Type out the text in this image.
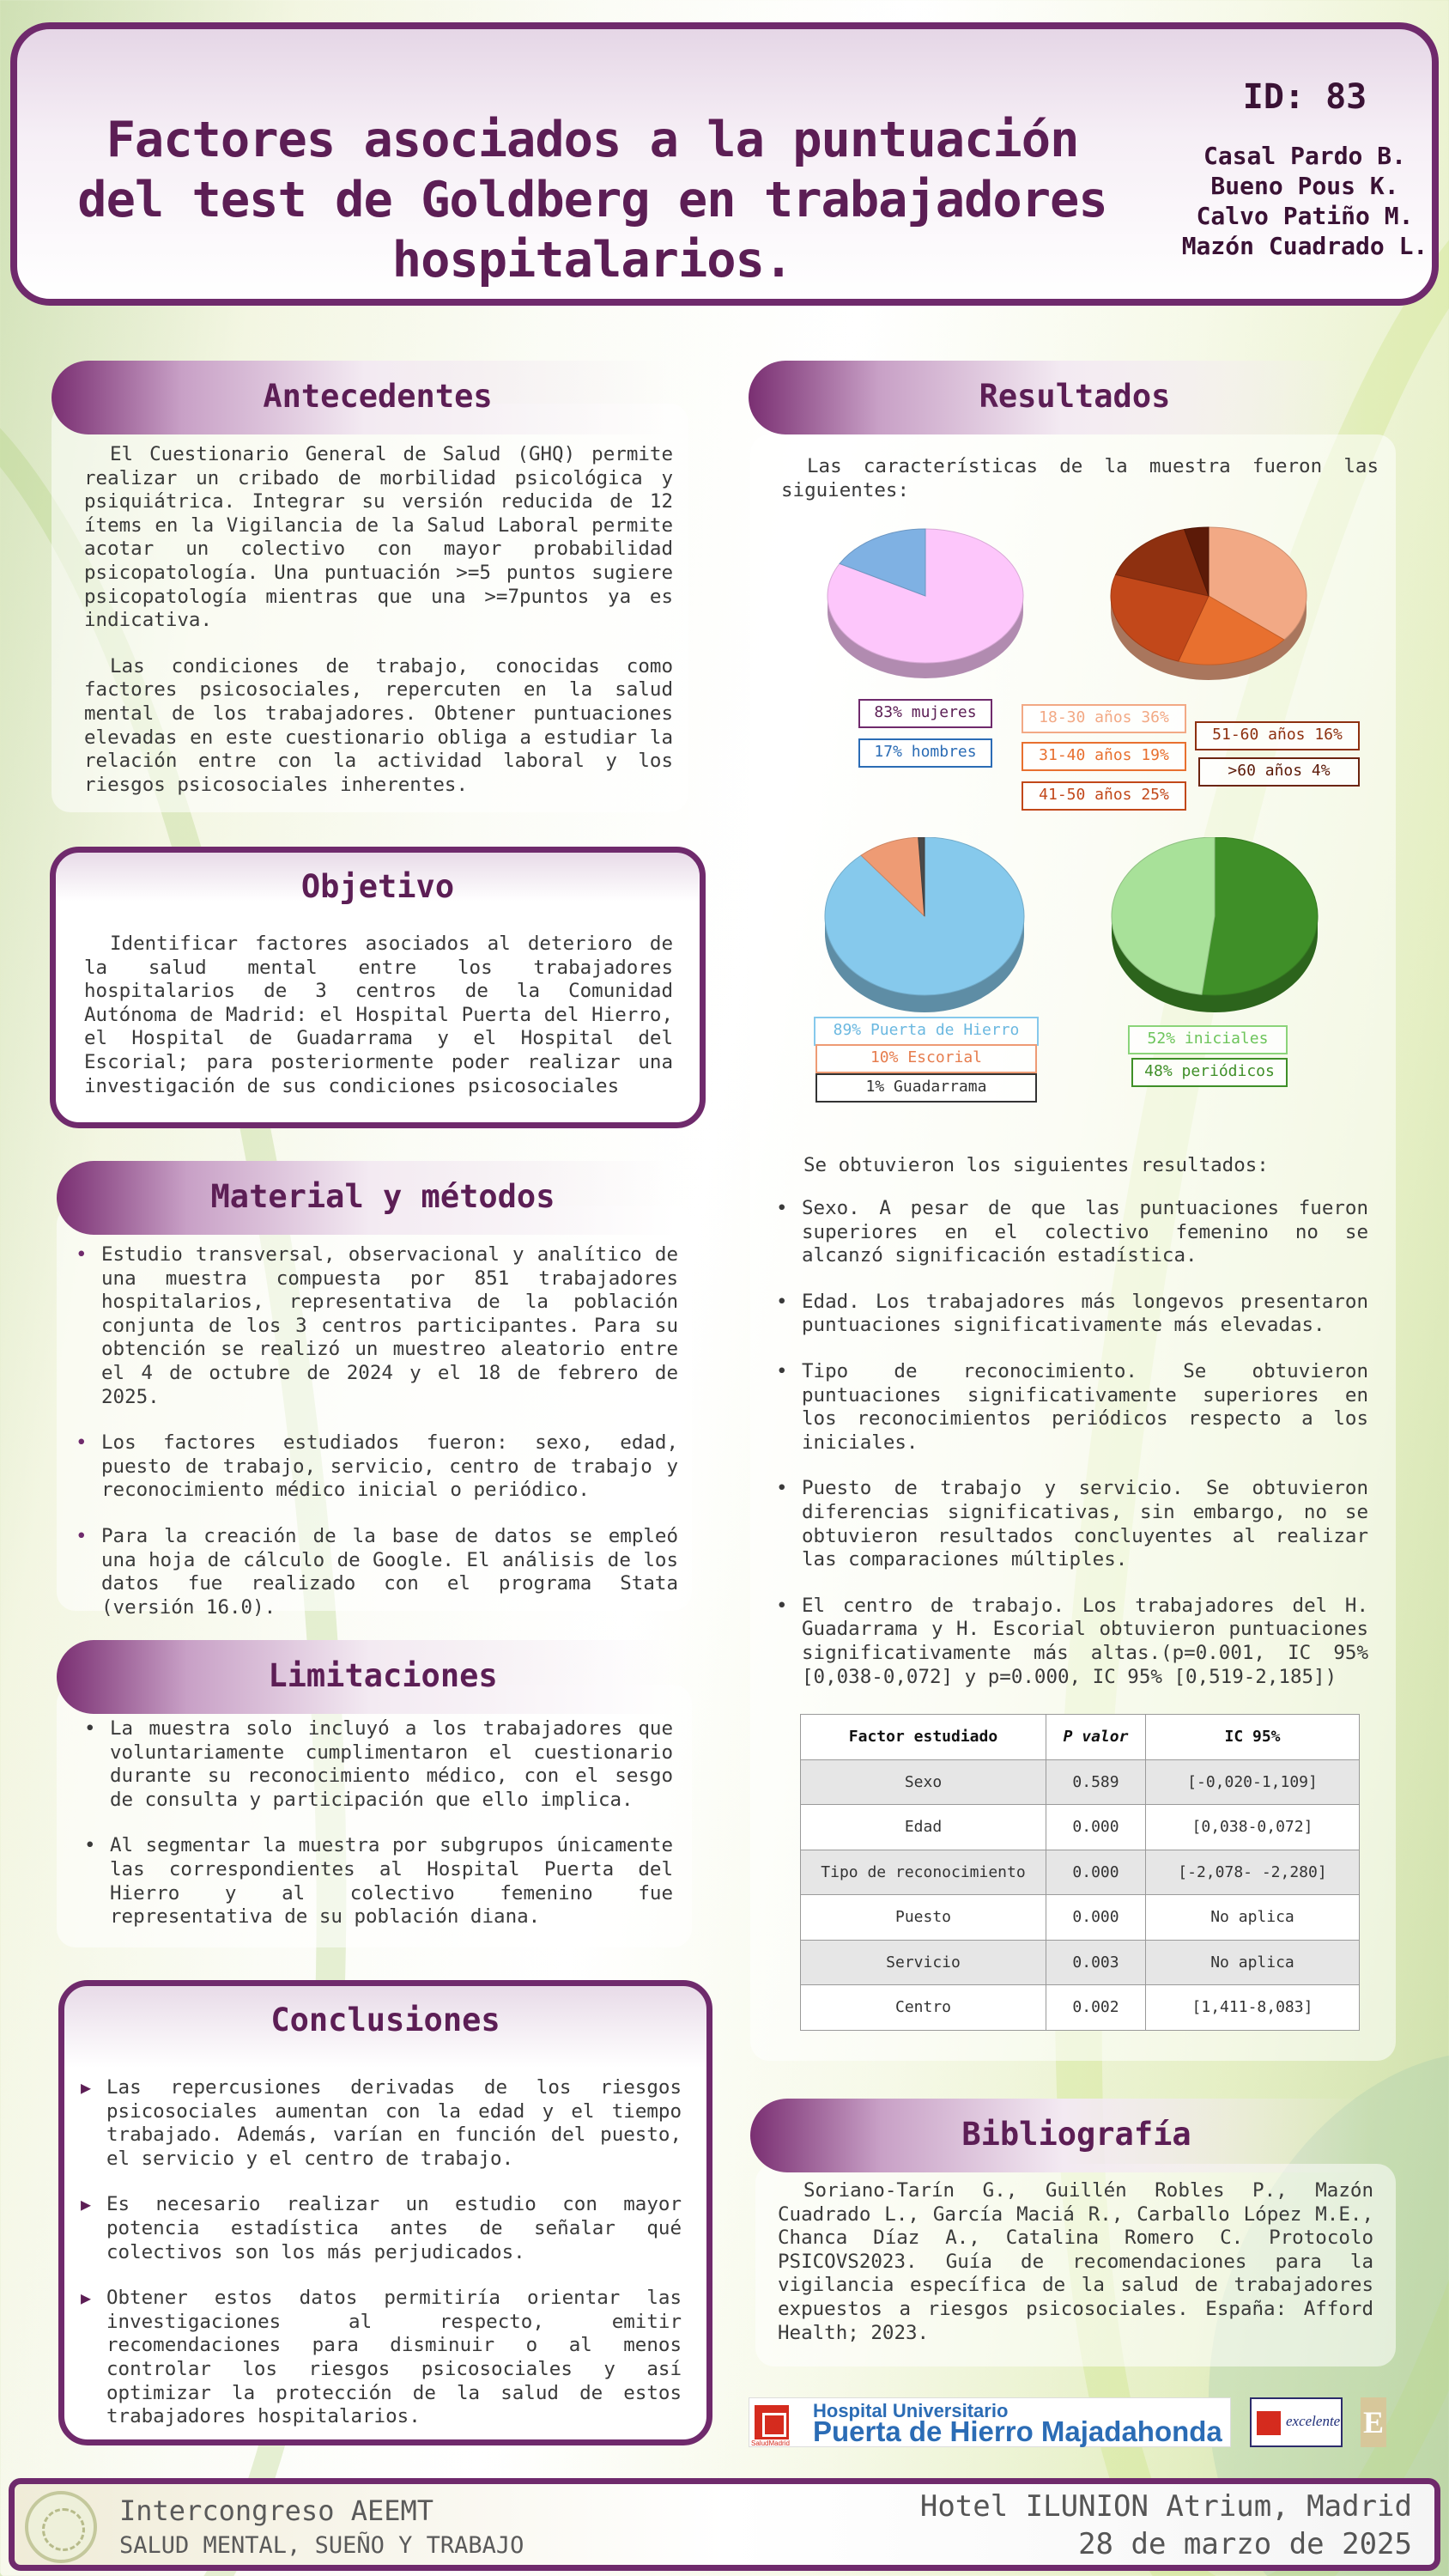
Factores asociados a la puntuación del test de Goldberg en trabajadores hospitalarios.
ID: 83
Casal Pardo B.
Bueno Pous K.
Calvo Patiño M.
Mazón Cuadrado L.
Antecedentes

El Cuestionario General de Salud (GHQ) permite realizar un cribado de morbilidad psicológica y psiquiátrica. Integrar su versión reducida de 12 ítems en la Vigilancia de la Salud Laboral permite acotar un colectivo con mayor probabilidad psicopatología. Una puntuación >=5 puntos sugiere psicopatología mientras que una >=7puntos ya es indicativa.

Las condiciones de trabajo, conocidas como factores psicosociales, repercuten en la salud mental de los trabajadores. Obtener puntuaciones elevadas en este cuestionario obliga a estudiar la relación entre con la actividad laboral y los riesgos psicosociales inherentes.

Objetivo

Identificar factores asociados al deterioro de la salud mental entre los trabajadores hospitalarios de 3 centros de la Comunidad Autónoma de Madrid: el Hospital Puerta del Hierro, el Hospital de Guadarrama y el Hospital del Escorial; para posteriormente poder realizar una investigación de sus condiciones psicosociales

Material y métodos
• Estudio transversal, observacional y analítico de una muestra compuesta por 851 trabajadores hospitalarios, representativa de la población conjunta de los 3 centros participantes. Para su obtención se realizó un muestreo aleatorio entre el 4 de octubre de 2024 y el 18 de febrero de 2025.
• Los factores estudiados fueron: sexo, edad, puesto de trabajo, servicio, centro de trabajo y reconocimiento médico inicial o periódico.
• Para la creación de la base de datos se empleó una hoja de cálculo de Google. El análisis de los datos fue realizado con el programa Stata (versión 16.0).
Limitaciones
• La muestra solo incluyó a los trabajadores que voluntariamente cumplimentaron el cuestionario durante su reconocimiento médico, con el sesgo de consulta y participación que ello implica.
• Al segmentar la muestra por subgrupos únicamente las correspondientes al Hospital Puerta del Hierro y al colectivo femenino fue representativa de su población diana.
Conclusiones
▶ Las repercusiones derivadas de los riesgos psicosociales aumentan con la edad y el tiempo trabajado. Además, varían en función del puesto, el servicio y el centro de trabajo.
▶ Es necesario realizar un estudio con mayor potencia estadística antes de señalar qué colectivos son los más perjudicados.
▶ Obtener estos datos permitiría orientar las investigaciones al respecto, emitir recomendaciones para disminuir o al menos controlar los riesgos psicosociales y así optimizar la protección de la salud de estos trabajadores hospitalarios.
Resultados

Las características de la muestra fueron las siguientes:

83% mujeres
17% hombres
18-30 años 36%
31-40 años 19%
41-50 años 25%
51-60 años 16%
>60 años 4%
89% Puerta de Hierro
10% Escorial
1% Guadarrama
52% iniciales
48% periódicos

Se obtuvieron los siguientes resultados:

• Sexo. A pesar de que las puntuaciones fueron superiores en el colectivo femenino no se alcanzó significación estadística.
• Edad. Los trabajadores más longevos presentaron puntuaciones significativamente más elevadas.
• Tipo de reconocimiento. Se obtuvieron puntuaciones significativamente superiores en los reconocimientos periódicos respecto a los iniciales.
• Puesto de trabajo y servicio. Se obtuvieron diferencias significativas, sin embargo, no se obtuvieron resultados concluyentes al realizar las comparaciones múltiples.
• El centro de trabajo. Los trabajadores del H. Guadarrama y H. Escorial obtuvieron puntuaciones significativamente más altas.(p=0.001, IC 95% [0,038-0,072] y p=0.000, IC 95% [0,519-2,185])
Factor estudiado	P valor	IC 95%
Sexo	0.589	[-0,020-1,109]
Edad	0.000	[0,038-0,072]
Tipo de reconocimiento	0.000	[-2,078- -2,280]
Puesto	0.000	No aplica
Servicio	0.003	No aplica
Centro	0.002	[1,411-8,083]
Bibliografía

Soriano-Tarín G., Guillén Robles P., Mazón Cuadrado L., García Maciá R., Carballo López M.E., Chanca Díaz A., Catalina Romero C. Protocolo PSICOVS2023. Guía de recomendaciones para la vigilancia específica de la salud de trabajadores expuestos a riesgos psicosociales. España: Afford Health; 2023.

SaludMadrid
Hospital Universitario
Puerta de Hierro Majadahonda	excelente E
Intercongreso AEEMT
SALUD MENTAL, SUEÑO Y TRABAJO
Hotel ILUNION Atrium, Madrid
28 de marzo de 2025
